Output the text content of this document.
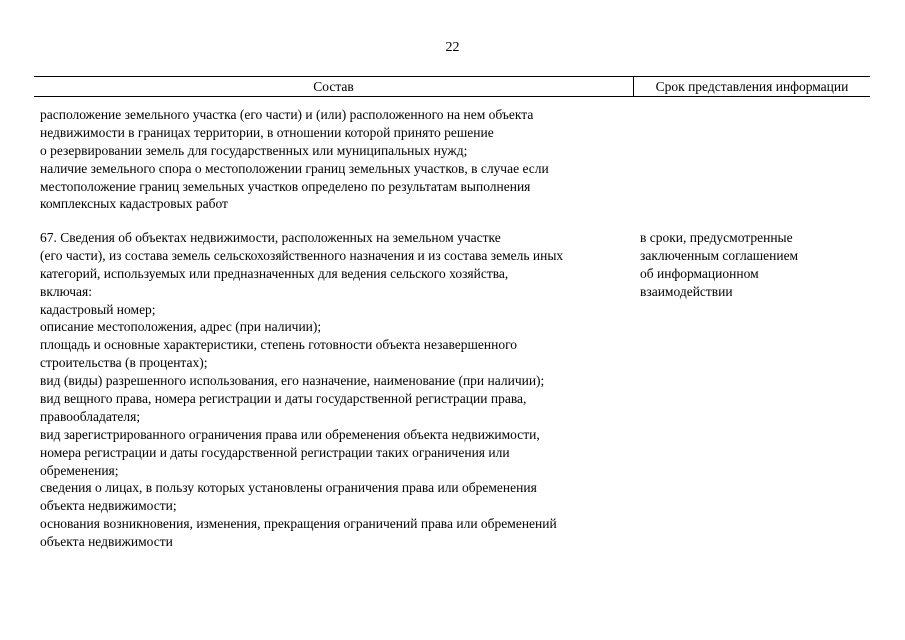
22
Состав	Срок представления информации
расположение земельного участка (его части) и (или) расположенного на нем объекта
недвижимости в границах территории, в отношении которой принято решение
о резервировании земель для государственных или муниципальных нужд;
наличие земельного спора о местоположении границ земельных участков, в случае если
местоположение границ земельных участков определено по результатам выполнения
комплексных кадастровых работ
67. Сведения об объектах недвижимости, расположенных на земельном участке
(его части), из состава земель сельскохозяйственного назначения и из состава земель иных
категорий, используемых или предназначенных для ведения сельского хозяйства,
включая:
кадастровый номер;
описание местоположения, адрес (при наличии);
площадь и основные характеристики, степень готовности объекта незавершенного
строительства (в процентах);
вид (виды) разрешенного использования, его назначение, наименование (при наличии);
вид вещного права, номера регистрации и даты государственной регистрации права,
правообладателя;
вид зарегистрированного ограничения права или обременения объекта недвижимости,
номера регистрации и даты государственной регистрации таких ограничения или
обременения;
сведения о лицах, в пользу которых установлены ограничения права или обременения
объекта недвижимости;
основания возникновения, изменения, прекращения ограничений права или обременений
объекта недвижимости
в сроки, предусмотренные
заключенным соглашением
об информационном
взаимодействии
